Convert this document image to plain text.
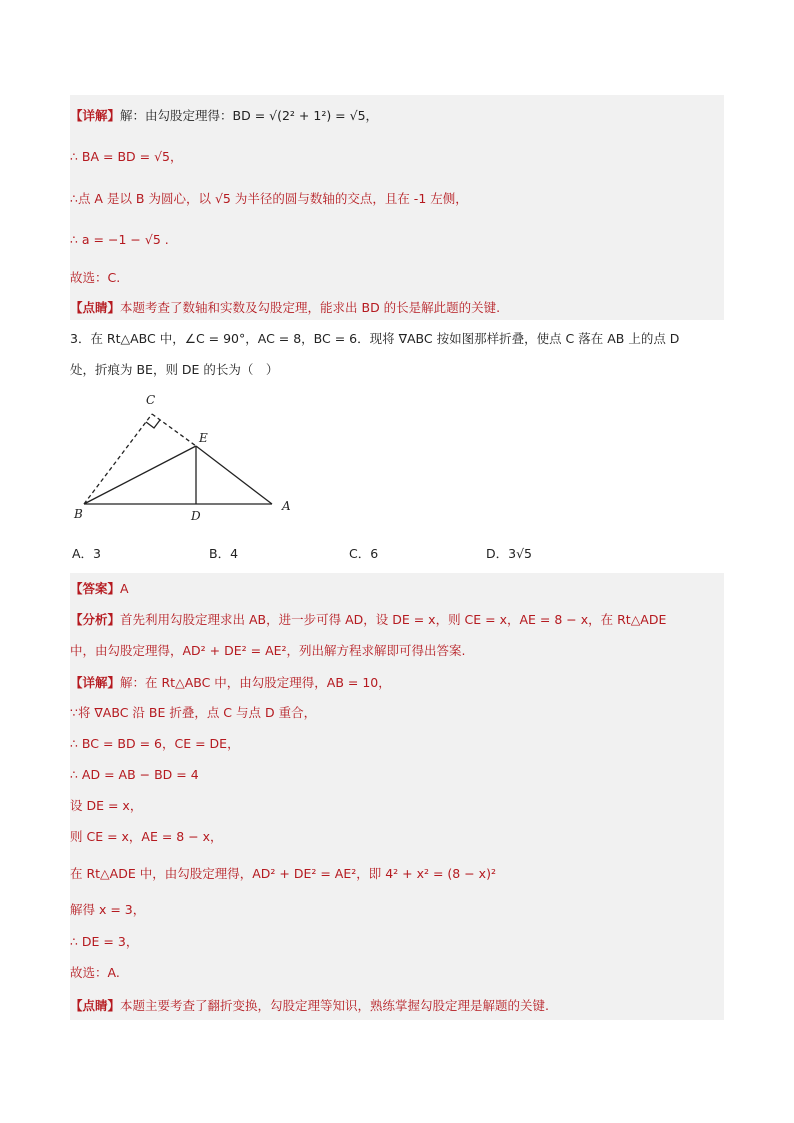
【详解】解：由勾股定理得：BD = √(2² + 1²) = √5，
∴ BA = BD = √5，
∴点 A 是以 B 为圆心，以 √5 为半径的圆与数轴的交点，且在 -1 左侧，
∴ a = −1 − √5 .
故选：C.
【点睛】本题考查了数轴和实数及勾股定理，能求出 BD 的长是解此题的关键.
3．在 Rt△ABC 中，∠C = 90°，AC = 8，BC = 6．现将 ∇ABC 按如图那样折叠，使点 C 落在 AB 上的点 D
处，折痕为 BE，则 DE 的长为（　）
C
E
B	D
A
A．3	B．4	C．6	D．3√5
【答案】A
【分析】首先利用勾股定理求出 AB，进一步可得 AD，设 DE = x，则 CE = x，AE = 8 − x，在 Rt△ADE
中，由勾股定理得，AD² + DE² = AE²，列出解方程求解即可得出答案.
【详解】解：在 Rt△ABC 中，由勾股定理得，AB = 10，
∵将 ∇ABC 沿 BE 折叠，点 C 与点 D 重合，
∴ BC = BD = 6，CE = DE，
∴ AD = AB − BD = 4
设 DE = x，
则 CE = x，AE = 8 − x，
在 Rt△ADE 中，由勾股定理得，AD² + DE² = AE²，即 4² + x² = (8 − x)²
解得 x = 3，
∴ DE = 3，
故选：A.
【点睛】本题主要考查了翻折变换，勾股定理等知识，熟练掌握勾股定理是解题的关键.
